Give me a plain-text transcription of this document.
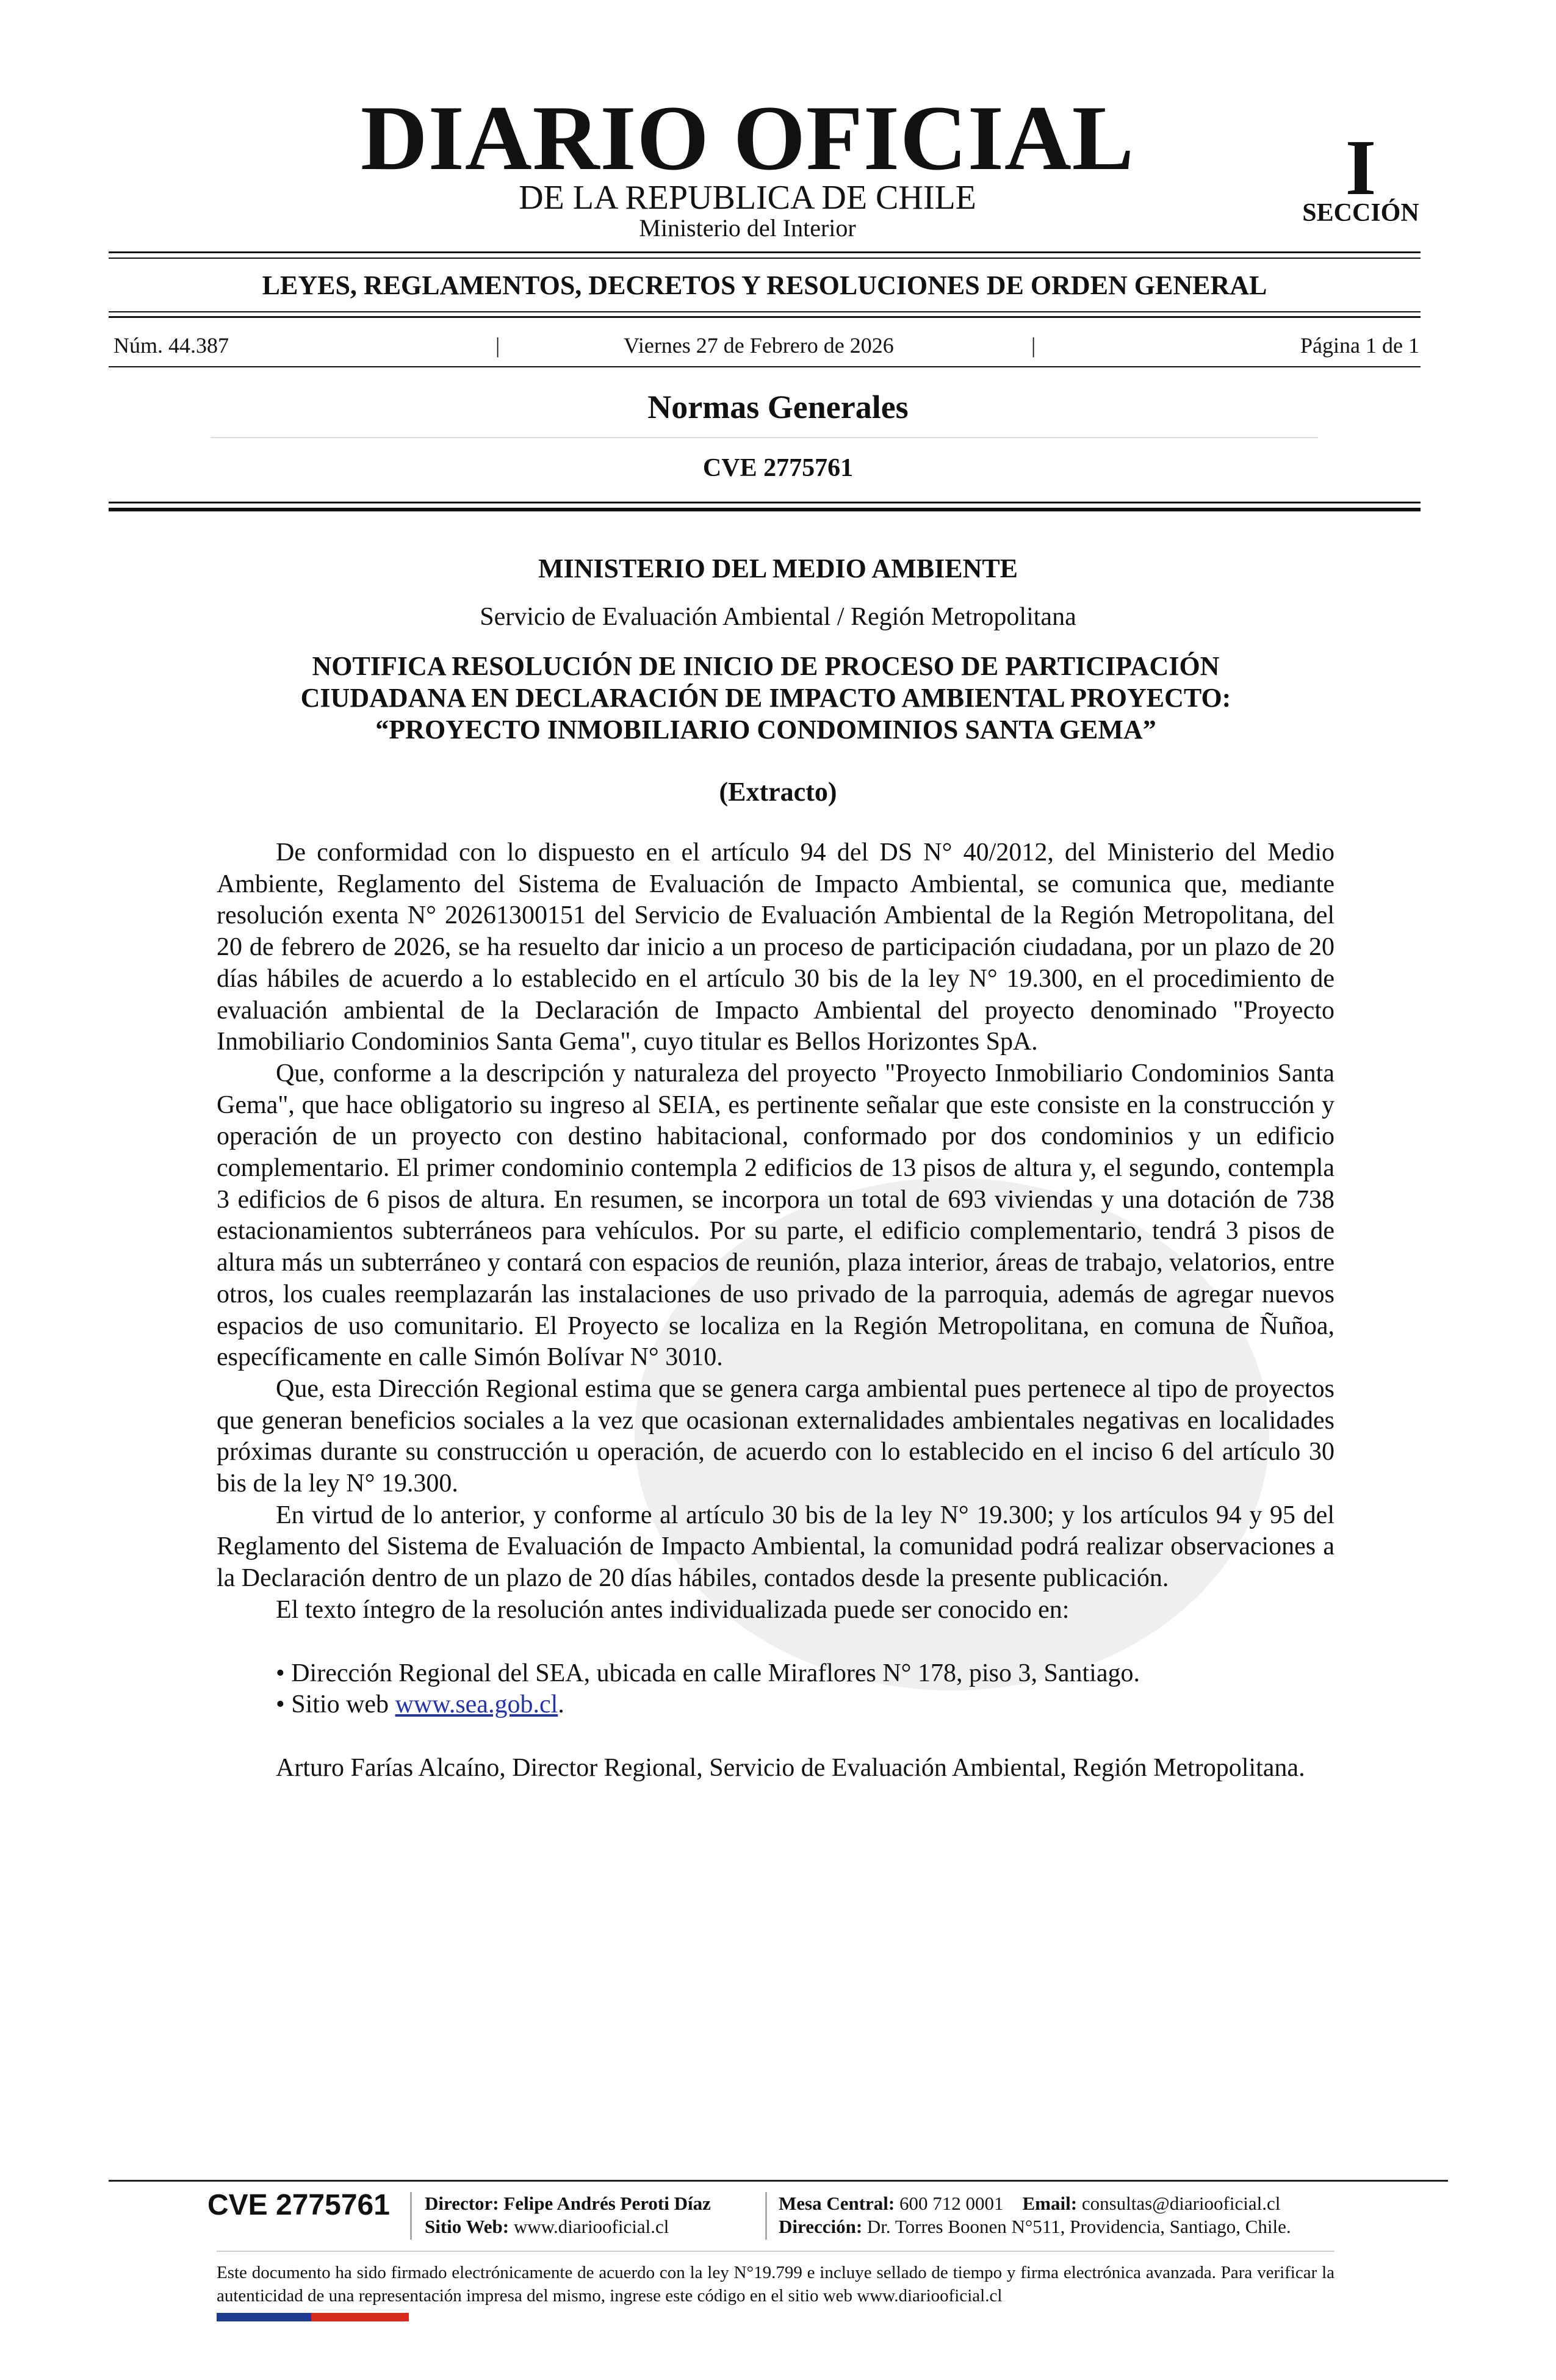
DIARIO OFICIAL
DE LA REPUBLICA DE CHILE
Ministerio del Interior
I
SECCIÓN
LEYES, REGLAMENTOS, DECRETOS Y RESOLUCIONES DE ORDEN GENERAL
Núm. 44.387	|	Viernes 27 de Febrero de 2026	|	Página 1 de 1
Normas Generales
CVE 2775761
MINISTERIO DEL MEDIO AMBIENTE
Servicio de Evaluación Ambiental / Región Metropolitana
NOTIFICA RESOLUCIÓN DE INICIO DE PROCESO DE PARTICIPACIÓN
CIUDADANA EN DECLARACIÓN DE IMPACTO AMBIENTAL PROYECTO:
“PROYECTO INMOBILIARIO CONDOMINIOS SANTA GEMA”
(Extracto)

De conformidad con lo dispuesto en el artículo 94 del DS N° 40/2012, del Ministerio del Medio Ambiente, Reglamento del Sistema de Evaluación de Impacto Ambiental, se comunica que, mediante resolución exenta N° 20261300151 del Servicio de Evaluación Ambiental de la Región Metropolitana, del 20 de febrero de 2026, se ha resuelto dar inicio a un proceso de participación ciudadana, por un plazo de 20 días hábiles de acuerdo a lo establecido en el artículo 30 bis de la ley N° 19.300, en el procedimiento de evaluación ambiental de la Declaración de Impacto Ambiental del proyecto denominado "Proyecto Inmobiliario Condominios Santa Gema", cuyo titular es Bellos Horizontes SpA.

Que, conforme a la descripción y naturaleza del proyecto "Proyecto Inmobiliario Condominios Santa Gema", que hace obligatorio su ingreso al SEIA, es pertinente señalar que este consiste en la construcción y operación de un proyecto con destino habitacional, conformado por dos condominios y un edificio complementario. El primer condominio contempla 2 edificios de 13 pisos de altura y, el segundo, contempla 3 edificios de 6 pisos de altura. En resumen, se incorpora un total de 693 viviendas y una dotación de 738 estacionamientos subterráneos para vehículos. Por su parte, el edificio complementario, tendrá 3 pisos de altura más un subterráneo y contará con espacios de reunión, plaza interior, áreas de trabajo, velatorios, entre otros, los cuales reemplazarán las instalaciones de uso privado de la parroquia, además de agregar nuevos espacios de uso comunitario. El Proyecto se localiza en la Región Metropolitana, en comuna de Ñuñoa, específicamente en calle Simón Bolívar N° 3010.

Que, esta Dirección Regional estima que se genera carga ambiental pues pertenece al tipo de proyectos que generan beneficios sociales a la vez que ocasionan externalidades ambientales negativas en localidades próximas durante su construcción u operación, de acuerdo con lo establecido en el inciso 6 del artículo 30 bis de la ley N° 19.300.

En virtud de lo anterior, y conforme al artículo 30 bis de la ley N° 19.300; y los artículos 94 y 95 del Reglamento del Sistema de Evaluación de Impacto Ambiental, la comunidad podrá realizar observaciones a la Declaración dentro de un plazo de 20 días hábiles, contados desde la presente publicación.

El texto íntegro de la resolución antes individualizada puede ser conocido en:

• Dirección Regional del SEA, ubicada en calle Miraflores N° 178, piso 3, Santiago.

• Sitio web www.sea.gob.cl.

Arturo Farías Alcaíno, Director Regional, Servicio de Evaluación Ambiental, Región Metropolitana.

CVE 2775761 Director: Felipe Andrés Peroti Díaz
Sitio Web: www.diariooficial.cl
Mesa Central: 600 712 0001 Email: consultas@diariooficial.cl
Dirección: Dr. Torres Boonen N°511, Providencia, Santiago, Chile.
Este documento ha sido firmado electrónicamente de acuerdo con la ley N°19.799 e incluye sellado de tiempo y firma electrónica avanzada. Para verificar la autenticidad de una representación impresa del mismo, ingrese este código en el sitio web www.diariooficial.cl
